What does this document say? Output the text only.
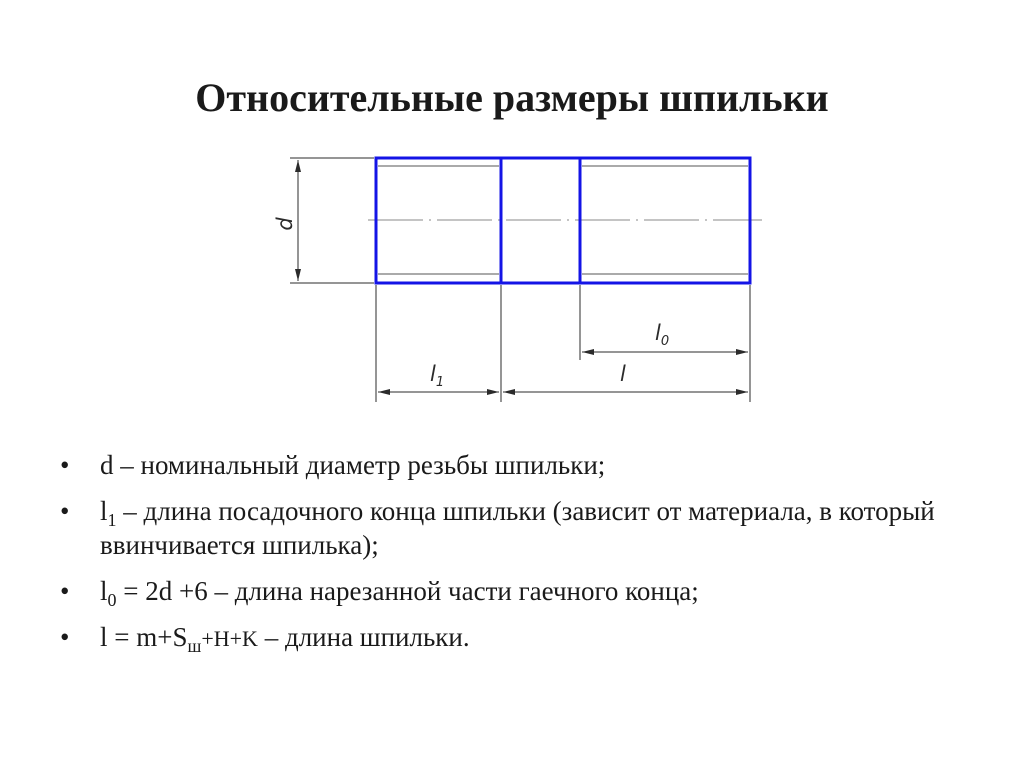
Относительные размеры шпильки
d
$l_0$
$l_1$	l
• d – номинальный диаметр резьбы шпильки;
• $l_1$ – длина посадочного конца шпильки (зависит от материала, в который ввинчивается шпилька);
• $l_0 = 2d +6$ – длина нарезанной части гаечного конца;
• $l = m+S_ш+H+K$ – длина шпильки.
